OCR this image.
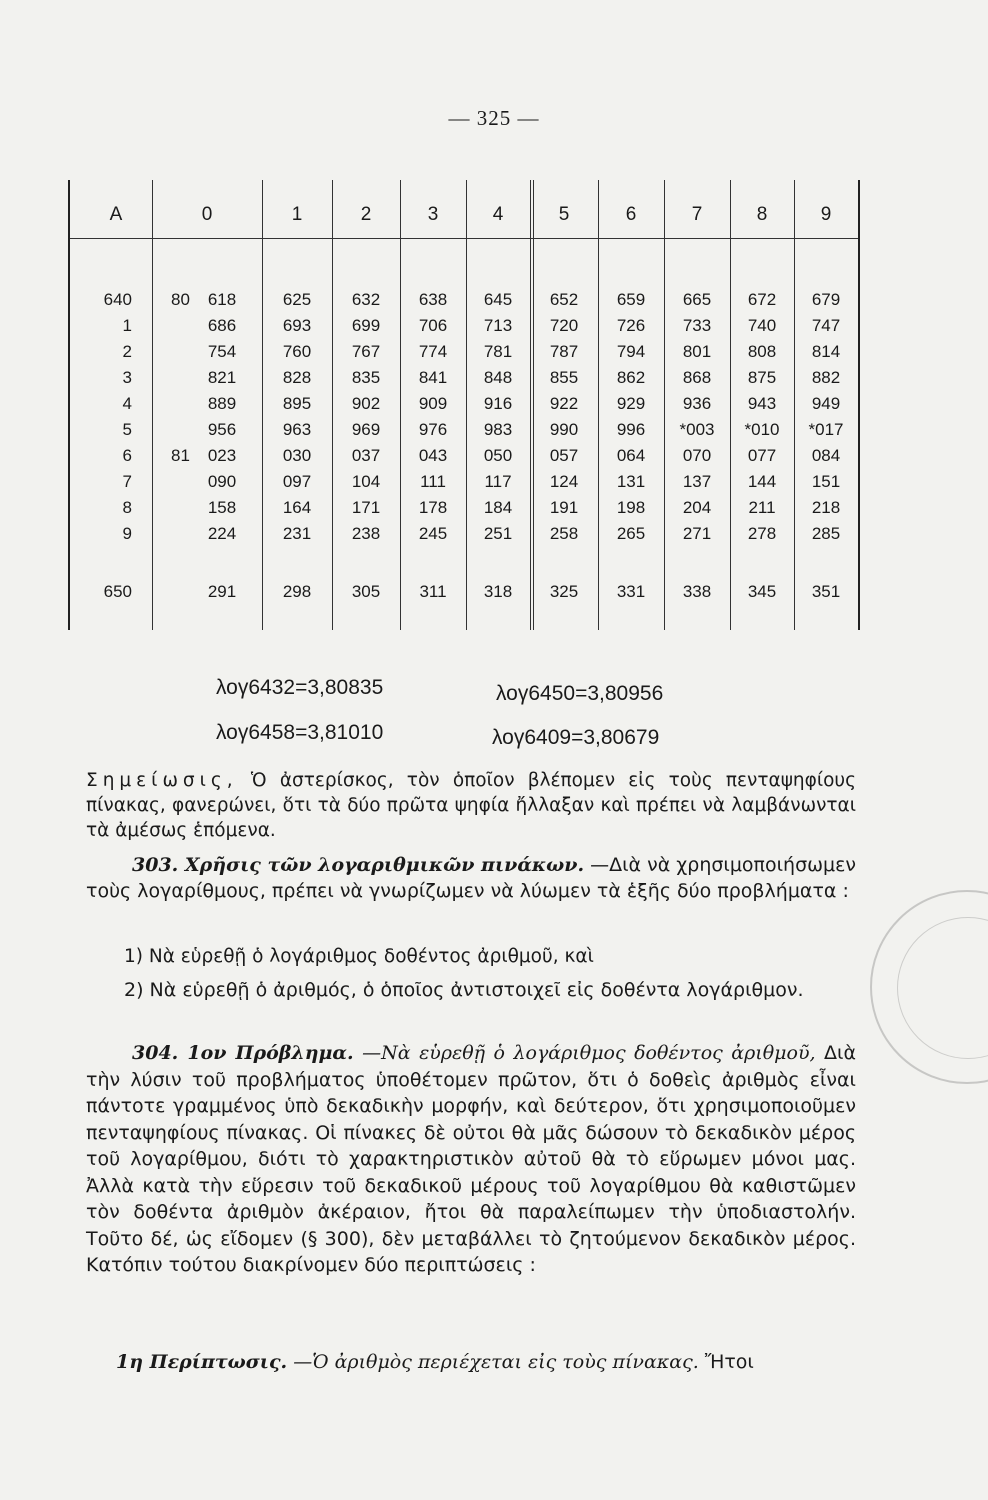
— 325 —
A	0	1	2	3	4	5	6	7	8	9
640 80	618	625	632	638	645	652	659	665	672	679
1	686	693	699	706	713	720	726	733	740	747
2	754	760	767	774	781	787	794	801	808	814
3	821	828	835	841	848	855	862	868	875	882
4	889	895	902	909	916	922	929	936	943	949
5	956	963	969	976	983	990	996	*003	*010	*017
6 81	023	030	037	043	050	057	064	070	077	084
7	090	097	104	111	117	124	131	137	144	151
8	158	164	171	178	184	191	198	204	211	218
9	224	231	238	245	251	258	265	271	278	285
650	291	298	305	311	318	325	331	338	345	351
λογ6432=3,80835	λογ6450=3,80956
λογ6458=3,81010	λογ6409=3,80679

Σημείωσις, Ὁ ἀστερίσκος, τὸν ὁποῖον βλέπομεν εἰς τοὺς πενταψηφίους πίνακας, φανερώνει, ὅτι τὰ δύο πρῶτα ψηφία ἤλλαξαν καὶ πρέπει νὰ λαμβάνωνται τὰ ἀμέσως ἑπόμενα.

303. Χρῆσις τῶν λογαριθμικῶν πινάκων. —Διὰ νὰ χρησιμοποιήσωμεν τοὺς λογαρίθμους, πρέπει νὰ γνωρίζωμεν νὰ λύωμεν τὰ ἑξῆς δύο προβλήματα :

1) Νὰ εὑρεθῇ ὁ λογάριθμος δοθέντος ἀριθμοῦ, καὶ

2) Νὰ εὑρεθῇ ὁ ἀριθμός, ὁ ὁποῖος ἀντιστοιχεῖ εἰς δοθέντα λογάριθμον.

304. 1ον Πρόβλημα. —Νὰ εὑρεθῇ ὁ λογάριθμος δοθέντος ἀριθμοῦ, Διὰ τὴν λύσιν τοῦ προβλήματος ὑποθέτομεν πρῶτον, ὅτι ὁ δοθεὶς ἀριθμὸς εἶναι πάντοτε γραμμένος ὑπὸ δεκαδικὴν μορφήν, καὶ δεύτερον, ὅτι χρησιμοποιοῦμεν πενταψηφίους πίνακας. Οἱ πίνακες δὲ οὐτοι θὰ μᾶς δώσουν τὸ δεκαδικὸν μέρος τοῦ λογαρίθμου, διότι τὸ χαρακτηριστικὸν αὐτοῦ θὰ τὸ εὕρωμεν μόνοι μας. Ἀλλὰ κατὰ τὴν εὕρεσιν τοῦ δεκαδικοῦ μέρους τοῦ λογαρίθμου θὰ καθιστῶμεν τὸν δοθέντα ἀριθμὸν ἀκέραιον, ἤτοι θὰ παραλείπωμεν τὴν ὑποδιαστολήν. Τοῦτο δέ, ὡς εἴδομεν (§ 300), δὲν μεταβάλλει τὸ ζητούμενον δεκαδικὸν μέρος. Κατόπιν τούτου διακρίνομεν δύο περιπτώσεις :

1η Περίπτωσις. —Ὁ ἀριθμὸς περιέχεται εἰς τοὺς πίνακας. Ἤτοι
